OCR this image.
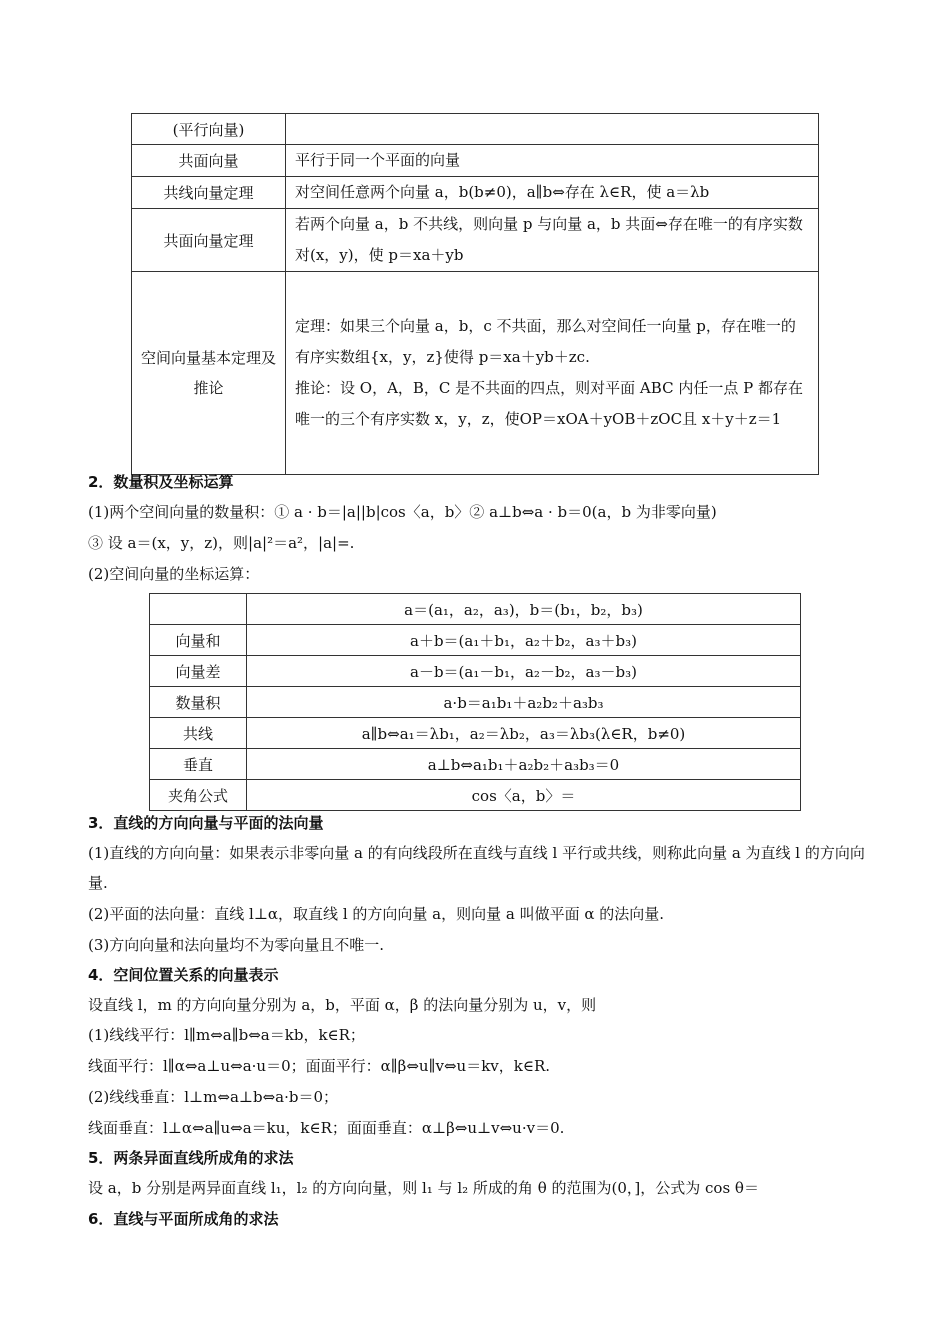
(平行向量)	
共面向量	平行于同一个平面的向量
共线向量定理	对空间任意两个向量 a，b(b≠0)，a∥b⇔存在 λ∈R，使 a＝λb
共面向量定理	若两个向量 a，b 不共线，则向量 p 与向量 a，b 共面⇔存在唯一的有序实数对(x，y)，使 p＝xa＋yb
空间向量基本定理及推论	定理：如果三个向量 a，b，c 不共面，那么对空间任一向量 p，存在唯一的有序实数组{x，y，z}使得 p＝xa＋yb＋zc.
推论：设 O，A，B，C 是不共面的四点，则对平面 ABC 内任一点 P 都存在唯一的三个有序实数 x，y，z，使OP＝xOA＋yOB＋zOC且 x＋y＋z＝1
2．数量积及坐标运算
(1)两个空间向量的数量积：① a · b＝|a||b|cos〈a，b〉② a⊥b⇔a · b＝0(a，b 为非零向量)
③ 设 a＝(x，y，z)，则|a|²＝a²，|a|=.
(2)空间向量的坐标运算：
	a＝(a₁，a₂，a₃)，b＝(b₁，b₂，b₃)
向量和	a＋b＝(a₁＋b₁，a₂＋b₂，a₃＋b₃)
向量差	a－b＝(a₁－b₁，a₂－b₂，a₃－b₃)
数量积	a·b＝a₁b₁＋a₂b₂＋a₃b₃
共线	a∥b⇔a₁＝λb₁，a₂＝λb₂，a₃＝λb₃(λ∈R，b≠0)
垂直	a⊥b⇔a₁b₁＋a₂b₂＋a₃b₃＝0
夹角公式	cos〈a，b〉＝
3．直线的方向向量与平面的法向量
(1)直线的方向向量：如果表示非零向量 a 的有向线段所在直线与直线 l 平行或共线，则称此向量 a 为直线 l 的方向向量.
(2)平面的法向量：直线 l⊥α，取直线 l 的方向向量 a，则向量 a 叫做平面 α 的法向量.
(3)方向向量和法向量均不为零向量且不唯一.
4．空间位置关系的向量表示
设直线 l，m 的方向向量分别为 a，b，平面 α，β 的法向量分别为 u，v，则
(1)线线平行：l∥m⇔a∥b⇔a＝kb，k∈R；
线面平行：l∥α⇔a⊥u⇔a·u＝0；面面平行：α∥β⇔u∥v⇔u＝kv，k∈R.
(2)线线垂直：l⊥m⇔a⊥b⇔a·b＝0；
线面垂直：l⊥α⇔a∥u⇔a＝ku，k∈R；面面垂直：α⊥β⇔u⊥v⇔u·v＝0.
5．两条异面直线所成角的求法
设 a，b 分别是两异面直线 l₁，l₂ 的方向向量，则 l₁ 与 l₂ 所成的角 θ 的范围为(0，]，公式为 cos θ＝
6．直线与平面所成角的求法
